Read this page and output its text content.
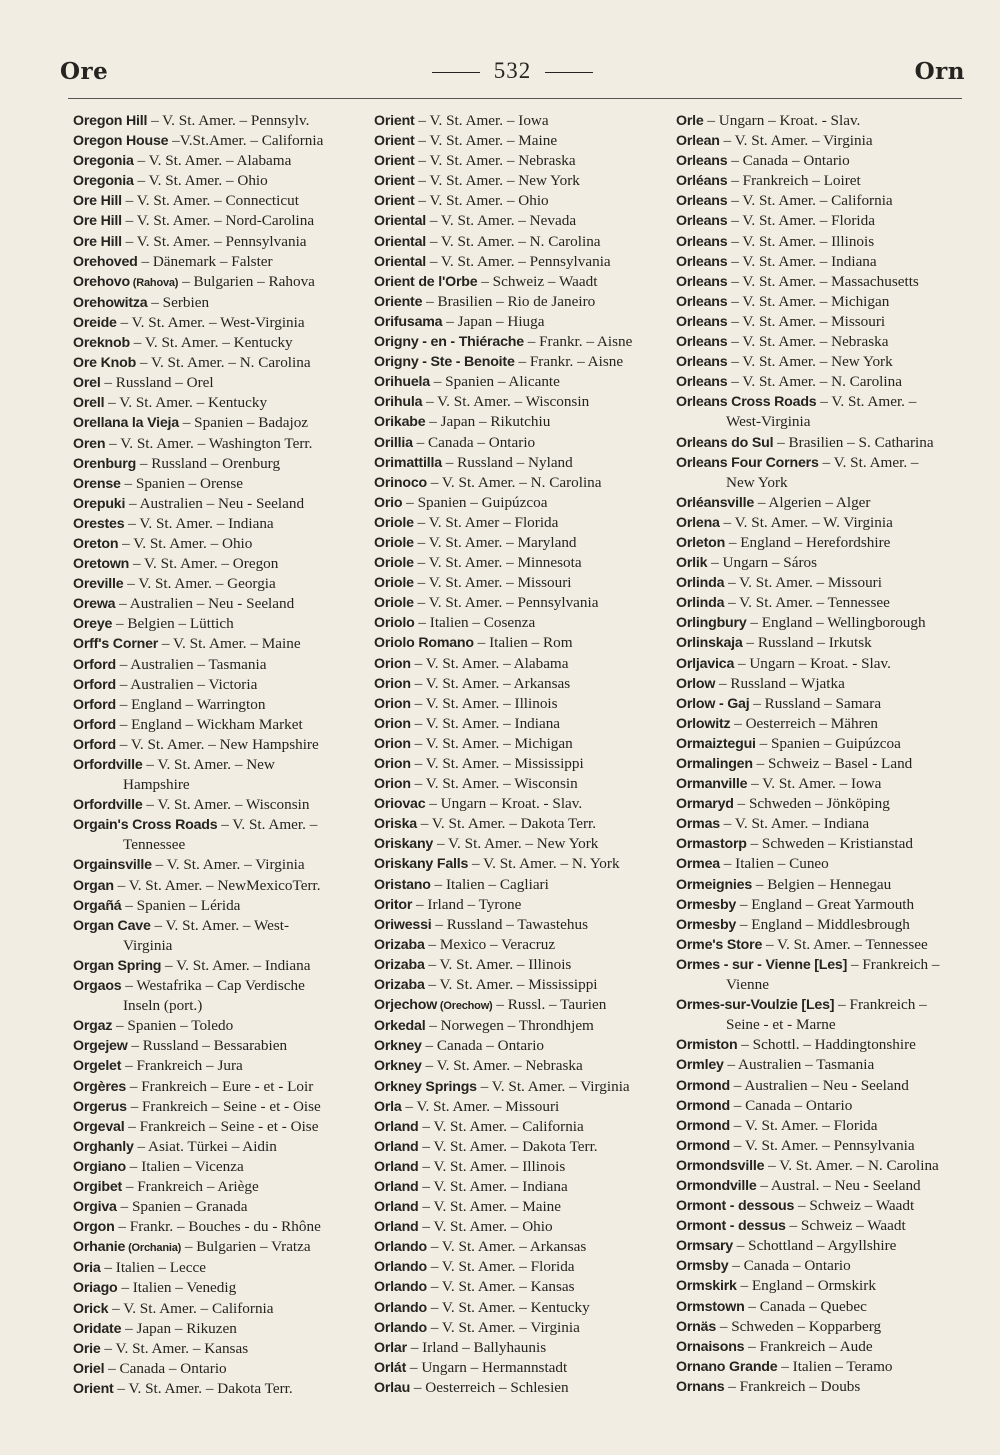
Ore	532	Orn
Oregon Hill – V. St. Amer. – Pennsylv.
Oregon House –V.St.Amer. – California
Oregonia – V. St. Amer. – Alabama
Oregonia – V. St. Amer. – Ohio
Ore Hill – V. St. Amer. – Connecticut
Ore Hill – V. St. Amer. – Nord-Carolina
Ore Hill – V. St. Amer. – Pennsylvania
Orehoved – Dänemark – Falster
Orehovo (Rahova) – Bulgarien – Rahova
Orehowitza – Serbien
Oreide – V. St. Amer. – West-Virginia
Oreknob – V. St. Amer. – Kentucky
Ore Knob – V. St. Amer. – N. Carolina
Orel – Russland – Orel
Orell – V. St. Amer. – Kentucky
Orellana la Vieja – Spanien – Badajoz
Oren – V. St. Amer. – Washington Terr.
Orenburg – Russland – Orenburg
Orense – Spanien – Orense
Orepuki – Australien – Neu - Seeland
Orestes – V. St. Amer. – Indiana
Oreton – V. St. Amer. – Ohio
Oretown – V. St. Amer. – Oregon
Oreville – V. St. Amer. – Georgia
Orewa – Australien – Neu - Seeland
Oreye – Belgien – Lüttich
Orff's Corner – V. St. Amer. – Maine
Orford – Australien – Tasmania
Orford – Australien – Victoria
Orford – England – Warrington
Orford – England – Wickham Market
Orford – V. St. Amer. – New Hampshire
Orfordville – V. St. Amer. – New
Hampshire
Orfordville – V. St. Amer. – Wisconsin
Orgain's Cross Roads – V. St. Amer. –
Tennessee
Orgainsville – V. St. Amer. – Virginia
Organ – V. St. Amer. – NewMexicoTerr.
Orgañá – Spanien – Lérida
Organ Cave – V. St. Amer. – West-
Virginia
Organ Spring – V. St. Amer. – Indiana
Orgaos – Westafrika – Cap Verdische
Inseln (port.)
Orgaz – Spanien – Toledo
Orgejew – Russland – Bessarabien
Orgelet – Frankreich – Jura
Orgères – Frankreich – Eure - et - Loir
Orgerus – Frankreich – Seine - et - Oise
Orgeval – Frankreich – Seine - et - Oise
Orghanly – Asiat. Türkei – Aidin
Orgiano – Italien – Vicenza
Orgibet – Frankreich – Ariège
Orgiva – Spanien – Granada
Orgon – Frankr. – Bouches - du - Rhône
Orhanie (Orchania) – Bulgarien – Vratza
Oria – Italien – Lecce
Oriago – Italien – Venedig
Orick – V. St. Amer. – California
Oridate – Japan – Rikuzen
Orie – V. St. Amer. – Kansas
Oriel – Canada – Ontario
Orient – V. St. Amer. – Dakota Terr.
Orient – V. St. Amer. – Iowa
Orient – V. St. Amer. – Maine
Orient – V. St. Amer. – Nebraska
Orient – V. St. Amer. – New York
Orient – V. St. Amer. – Ohio
Oriental – V. St. Amer. – Nevada
Oriental – V. St. Amer. – N. Carolina
Oriental – V. St. Amer. – Pennsylvania
Orient de l'Orbe – Schweiz – Waadt
Oriente – Brasilien – Rio de Janeiro
Orifusama – Japan – Hiuga
Origny - en - Thiérache – Frankr. – Aisne
Origny - Ste - Benoite – Frankr. – Aisne
Orihuela – Spanien – Alicante
Orihula – V. St. Amer. – Wisconsin
Orikabe – Japan – Rikutchiu
Orillia – Canada – Ontario
Orimattilla – Russland – Nyland
Orinoco – V. St. Amer. – N. Carolina
Orio – Spanien – Guipúzcoa
Oriole – V. St. Amer – Florida
Oriole – V. St. Amer. – Maryland
Oriole – V. St. Amer. – Minnesota
Oriole – V. St. Amer. – Missouri
Oriole – V. St. Amer. – Pennsylvania
Oriolo – Italien – Cosenza
Oriolo Romano – Italien – Rom
Orion – V. St. Amer. – Alabama
Orion – V. St. Amer. – Arkansas
Orion – V. St. Amer. – Illinois
Orion – V. St. Amer. – Indiana
Orion – V. St. Amer. – Michigan
Orion – V. St. Amer. – Mississippi
Orion – V. St. Amer. – Wisconsin
Oriovac – Ungarn – Kroat. - Slav.
Oriska – V. St. Amer. – Dakota Terr.
Oriskany – V. St. Amer. – New York
Oriskany Falls – V. St. Amer. – N. York
Oristano – Italien – Cagliari
Oritor – Irland – Tyrone
Oriwessi – Russland – Tawastehus
Orizaba – Mexico – Veracruz
Orizaba – V. St. Amer. – Illinois
Orizaba – V. St. Amer. – Mississippi
Orjechow (Orechow) – Russl. – Taurien
Orkedal – Norwegen – Throndhjem
Orkney – Canada – Ontario
Orkney – V. St. Amer. – Nebraska
Orkney Springs – V. St. Amer. – Virginia
Orla – V. St. Amer. – Missouri
Orland – V. St. Amer. – California
Orland – V. St. Amer. – Dakota Terr.
Orland – V. St. Amer. – Illinois
Orland – V. St. Amer. – Indiana
Orland – V. St. Amer. – Maine
Orland – V. St. Amer. – Ohio
Orlando – V. St. Amer. – Arkansas
Orlando – V. St. Amer. – Florida
Orlando – V. St. Amer. – Kansas
Orlando – V. St. Amer. – Kentucky
Orlando – V. St. Amer. – Virginia
Orlar – Irland – Ballyhaunis
Orlát – Ungarn – Hermannstadt
Orlau – Oesterreich – Schlesien
Orle – Ungarn – Kroat. - Slav.
Orlean – V. St. Amer. – Virginia
Orleans – Canada – Ontario
Orléans – Frankreich – Loiret
Orleans – V. St. Amer. – California
Orleans – V. St. Amer. – Florida
Orleans – V. St. Amer. – Illinois
Orleans – V. St. Amer. – Indiana
Orleans – V. St. Amer. – Massachusetts
Orleans – V. St. Amer. – Michigan
Orleans – V. St. Amer. – Missouri
Orleans – V. St. Amer. – Nebraska
Orleans – V. St. Amer. – New York
Orleans – V. St. Amer. – N. Carolina
Orleans Cross Roads – V. St. Amer. –
West-Virginia
Orleans do Sul – Brasilien – S. Catharina
Orleans Four Corners – V. St. Amer. –
New York
Orléansville – Algerien – Alger
Orlena – V. St. Amer. – W. Virginia
Orleton – England – Herefordshire
Orlik – Ungarn – Sáros
Orlinda – V. St. Amer. – Missouri
Orlinda – V. St. Amer. – Tennessee
Orlingbury – England – Wellingborough
Orlinskaja – Russland – Irkutsk
Orljavica – Ungarn – Kroat. - Slav.
Orlow – Russland – Wjatka
Orlow - Gaj – Russland – Samara
Orlowitz – Oesterreich – Mähren
Ormaiztegui – Spanien – Guipúzcoa
Ormalingen – Schweiz – Basel - Land
Ormanville – V. St. Amer. – Iowa
Ormaryd – Schweden – Jönköping
Ormas – V. St. Amer. – Indiana
Ormastorp – Schweden – Kristianstad
Ormea – Italien – Cuneo
Ormeignies – Belgien – Hennegau
Ormesby – England – Great Yarmouth
Ormesby – England – Middlesbrough
Orme's Store – V. St. Amer. – Tennessee
Ormes - sur - Vienne [Les] – Frankreich –
Vienne
Ormes-sur-Voulzie [Les] – Frankreich –
Seine - et - Marne
Ormiston – Schottl. – Haddingtonshire
Ormley – Australien – Tasmania
Ormond – Australien – Neu - Seeland
Ormond – Canada – Ontario
Ormond – V. St. Amer. – Florida
Ormond – V. St. Amer. – Pennsylvania
Ormondsville – V. St. Amer. – N. Carolina
Ormondville – Austral. – Neu - Seeland
Ormont - dessous – Schweiz – Waadt
Ormont - dessus – Schweiz – Waadt
Ormsary – Schottland – Argyllshire
Ormsby – Canada – Ontario
Ormskirk – England – Ormskirk
Ormstown – Canada – Quebec
Ornäs – Schweden – Kopparberg
Ornaisons – Frankreich – Aude
Ornano Grande – Italien – Teramo
Ornans – Frankreich – Doubs
